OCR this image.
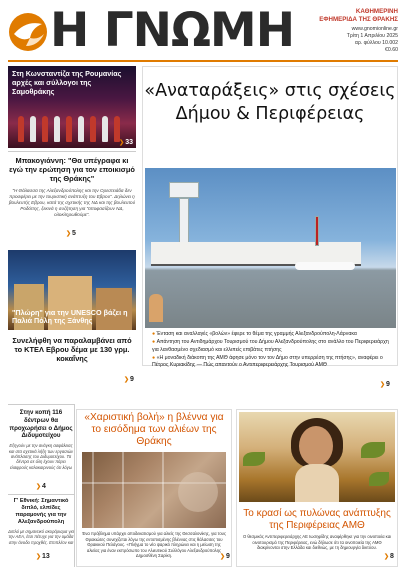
Η ΓΝΩΜΗ	ΚΑΘΗΜΕΡΙΝΗ
ΕΦΗΜΕΡΙΔΑ ΤΗΣ ΘΡΑΚΗΣ
www.gnomionline.gr
Τρίτη 1 Απριλίου 2025
αρ. φύλλου 10.002
€0.60
Στη Κωνσταντίζα της Ρουμανίας αρχές και σύλλογοι της Σαμοθράκης
❯33
Μπακογιάννη: "Θα υπέγραφα κι εγώ την ερώτηση για τον εποικισμό της Θράκης"
"Η Θάλασσα της Αλεξανδρούπολης και την Ορεστειάδα δεν προσφέρει με την τουριστική ανάπτυξη του Εβρου". Δηλώνει η βουλευτής Εβρου, κατά της σχετικής της ΝΔ και της βουλευτού Ροδόπης, ξεκινά η συζήτηση για "αποφασίζουν ΝΔ, ολοκληρωθούμε".
❯5
"Πλώρη" για την UNESCO βάζει η Παλιά Πόλη της Ξάνθης
Συνελήφθη να παραλαμβάνει από το ΚΤΕΛ Εβρου δέμα με 130 γρμ. κοκαΐνης
❯9
«Αναταράξεις» στις σχέσεις Δήμου & Περιφέρειας
● Ένταση και αναλλαγές «βολών» έφερε το θέμα της γραμμής Αλεξανδρούπολη-Λάρνακα
● Απάντηση του Αντιδημάρχου Τουρισμού του Δήμου Αλεξανδρούπολης στο ανάλλο του Περιφερειάρχη για λανθασμένο σχεδιασμό και ελλιπείς επιβάτες πτήσης
● «Η μοναδική διάκοπη της ΑΜΘ άφησε μόνο τον τον Δήμο στην υπερρέση της πτήσης», αναφέρει ο Πέτρος Κυριακίδης — Πώς απαντούν ο Αντιπεριφερειάρχης Τουρισμού ΑΜΘ
❯9
Στην κοπή 116 δέντρων θα προχωρήσει ο Δήμος Διδυμοτείχου
Εξηγούν με την ανάγκη ασφάλειας και στα σχετικά λήξη των εργασιών ανάπλασης του Διδυμοτείχου. Τα δέντρα σε όλη έχουν πάρει ελαφρούς καλοκαιρινούς ότι λόγω
❯4
Γ' Εθνική: Σημαντικό διπλό, ελπίδες παραμονής για την Αλεξανδρούπολη
Διπλό με σημαντικό σκοράρισμα για την ΑΕΑ, έτσι πέτυχε για την ομάδα στην άνοδο προχθές. Επιπλέον και
❯13
«Χαριστική βολή» η βλέννα για το εισόδημα των αλιέων της Θράκης
Ένα πρόβλημα υπάρχει αποδεκατισμού για αλιείς της Θεσσαλονίκης, για τους Θρακιώτες συνεχίζεται λόγω της εντοπισμένης βλέννας στις θάλασσες του Θρακικού Πελάγους. «Πλήγμα το νέο ψαρικό πληρώνει και η μείωση της αλιείας για έναν εκπρόσωπο του Αλιευτικού Συλλόγου Αλεξανδρούπολης Δημοσθένη Σαρίκη.	❯9
Το κρασί ως πυλώνας ανάπτυξης της Περιφέρειας ΑΜΘ
Ο θεσμικός Αντιπεριφερειάρχης ΑΕ Ιωσηφίδης αναφέρθηκε για την οινοποιία και οινοτουρισμό της Περιφέρειας, ενώ δήλωσε ότι τα οινοποιεία της ΑΜΘ διακρίνονται στην Ελλάδα και διεθνώς, με τη δημιουργία δικτύου.
❯8
